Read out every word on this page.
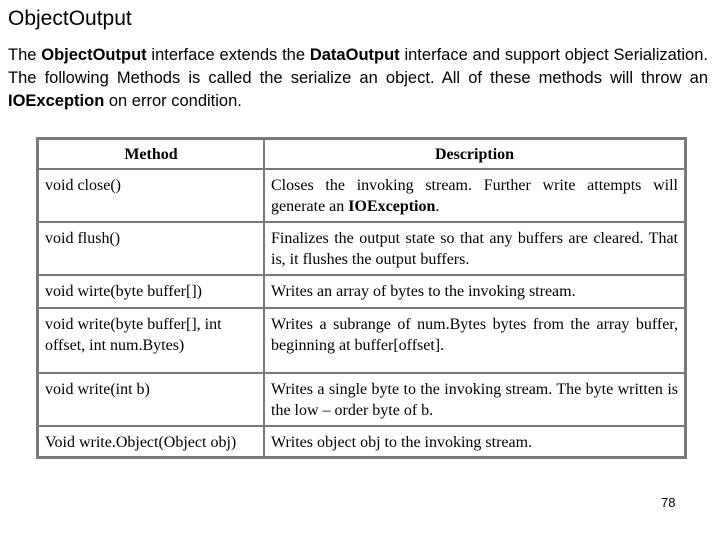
ObjectOutput

The ObjectOutput interface extends the DataOutput interface and support object Serialization. The following Methods is called the serialize an object. All of these methods will throw an IOException on error condition.

Method	Description
void close()	Closes the invoking stream. Further write attempts will generate an IOException.
void flush()	Finalizes the output state so that any buffers are cleared. That is, it flushes the output buffers.
void wirte(byte buffer[])	Writes an array of bytes to the invoking stream.
void write(byte buffer[], int offset, int num.Bytes)	Writes a subrange of num.Bytes bytes from the array buffer, beginning at buffer[offset].
void write(int b)	Writes a single byte to the invoking stream. The byte written is the low – order byte of b.
Void write.Object(Object obj)	Writes object obj to the invoking stream.
78
